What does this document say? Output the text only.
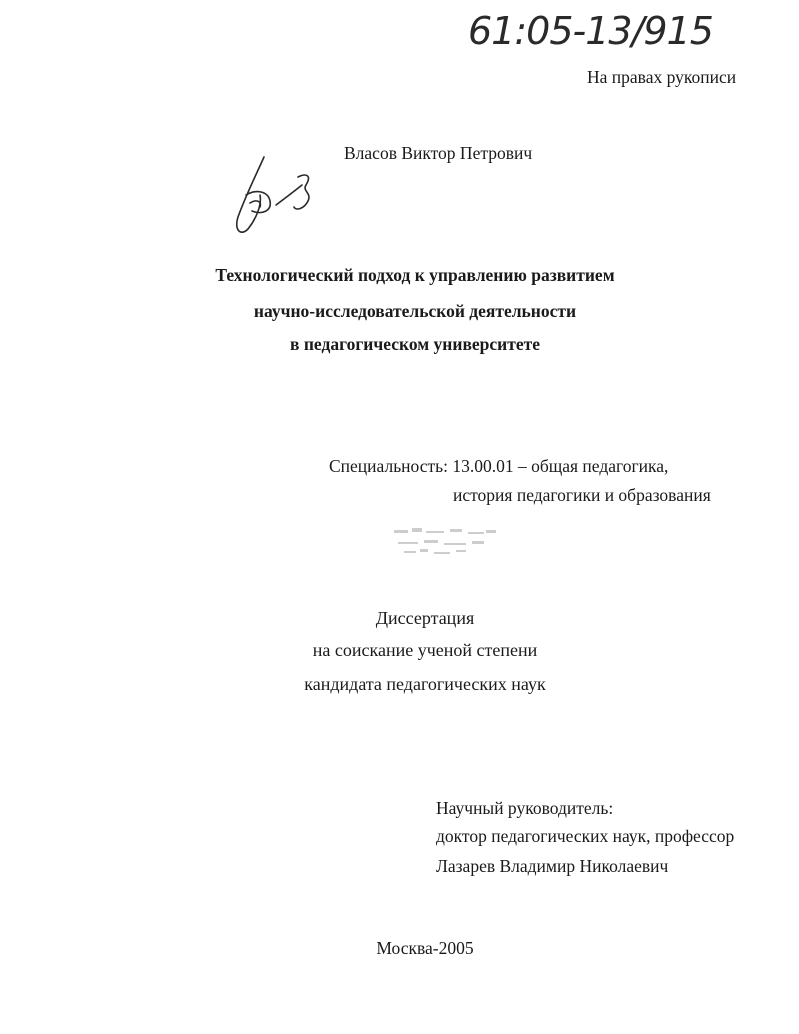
61:05-13/915
На правах рукописи
Власов Виктор Петрович
Технологический подход к управлению развитием
научно-исследовательской деятельности
в педагогическом университете
Специальность: 13.00.01 – общая педагогика,
история педагогики и образования
Диссертация
на соискание ученой степени
кандидата педагогических наук
Научный руководитель:
доктор педагогических наук, профессор
Лазарев Владимир Николаевич
Москва-2005
